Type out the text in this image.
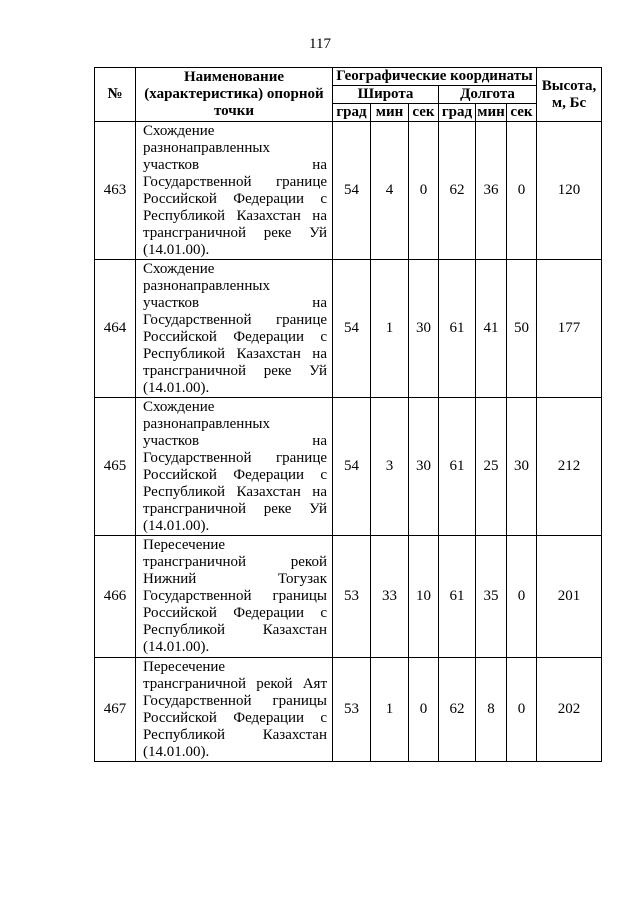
117
№	Наименование (характеристика) опорной точки	Географические координаты						Высота, м, Бс
		Широта			Долгота			
		град	мин	сек	град	мин	сек	
463	Схождение разнонаправленных участков на Государственной границе Российской Федерации с Республикой Казахстан на трансграничной реке Уй (14.01.00).	54	4	0	62	36	0	120
464	Схождение разнонаправленных участков на Государственной границе Российской Федерации с Республикой Казахстан на трансграничной реке Уй (14.01.00).	54	1	30	61	41	50	177
465	Схождение разнонаправленных участков на Государственной границе Российской Федерации с Республикой Казахстан на трансграничной реке Уй (14.01.00).	54	3	30	61	25	30	212
466	Пересечение трансграничной рекой Нижний Тогузак Государственной границы Российской Федерации с Республикой Казахстан (14.01.00).	53	33	10	61	35	0	201
467	Пересечение трансграничной рекой Аят Государственной границы Российской Федерации с Республикой Казахстан (14.01.00).	53	1	0	62	8	0	202
